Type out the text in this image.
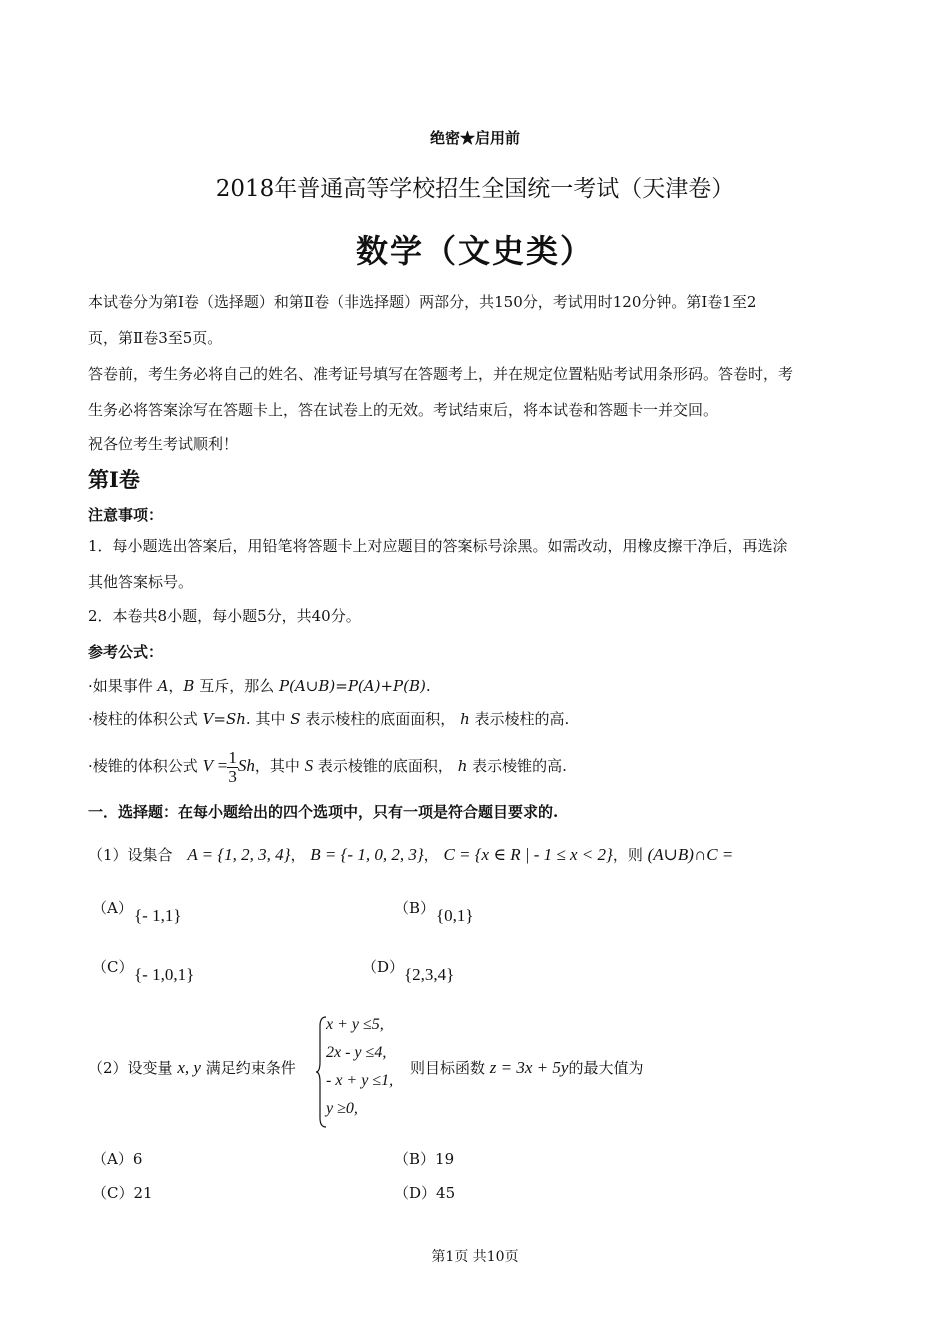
绝密★启用前
2018年普通高等学校招生全国统一考试（天津卷）
数学（文史类）
本试卷分为第Ⅰ卷（选择题）和第Ⅱ卷（非选择题）两部分，共150分，考试用时120分钟。第Ⅰ卷1至2
页，第Ⅱ卷3至5页。
答卷前，考生务必将自己的姓名、准考证号填写在答题考上，并在规定位置粘贴考试用条形码。答卷时，考
生务必将答案涂写在答题卡上，答在试卷上的无效。考试结束后，将本试卷和答题卡一并交回。
祝各位考生考试顺利！
第Ⅰ卷
注意事项：
1．每小题选出答案后，用铅笔将答题卡上对应题目的答案标号涂黑。如需改动，用橡皮擦干净后，再选涂
其他答案标号。
2．本卷共8小题，每小题5分，共40分。
参考公式：
·如果事件 A，B 互斥，那么 P(A∪B)=P(A)+P(B).
·棱柱的体积公式 V=Sh. 其中 S 表示棱柱的底面面积， h 表示棱柱的高.
·棱锥的体积公式 $V = \frac{1}{3}$ Sh，其中 S 表示棱锥的底面积， h 表示棱锥的高.
一．选择题：在每小题给出的四个选项中，只有一项是符合题目要求的.
（1）设集合 A = {1, 2, 3, 4}， B = {- 1, 0, 2, 3}， C = {x ∈ R | - 1 ≤ x < 2}，则 (A∪B)∩C =
（A） {- 1,1}	（B） {0,1}
（C） {- 1,0,1}	（D） {2,3,4}
（2）设变量 x, y 满足约束条件
x + y ≤5,
2x - y ≤4,
- x + y ≤1,
y ≥0,
则目标函数 z = 3x + 5y的最大值为
（A）6	（B）19
（C）21	（D）45
第1页 共10页
